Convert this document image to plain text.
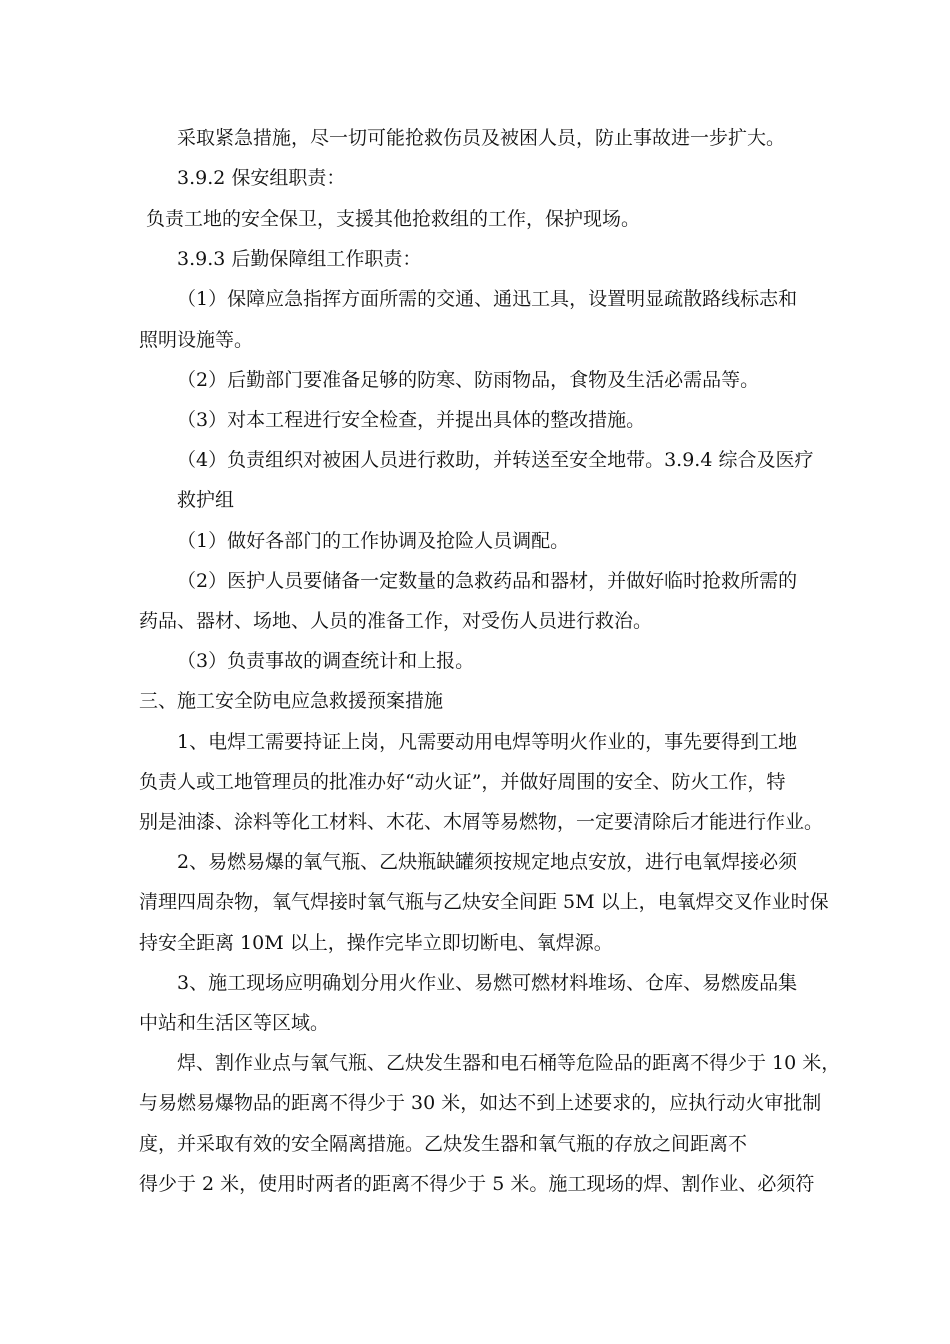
采取紧急措施，尽一切可能抢救伤员及被困人员，防止事故进一步扩大。
3.9.2 保安组职责：
负责工地的安全保卫，支援其他抢救组的工作，保护现场。
3.9.3 后勤保障组工作职责：
（1）保障应急指挥方面所需的交通、通迅工具，设置明显疏散路线标志和
照明设施等。
（2）后勤部门要准备足够的防寒、防雨物品，食物及生活必需品等。
（3）对本工程进行安全检查，并提出具体的整改措施。
（4）负责组织对被困人员进行救助，并转送至安全地带。3.9.4 综合及医疗
救护组
（1）做好各部门的工作协调及抢险人员调配。
（2）医护人员要储备一定数量的急救药品和器材，并做好临时抢救所需的
药品、器材、场地、人员的准备工作，对受伤人员进行救治。
（3）负责事故的调查统计和上报。
三、施工安全防电应急救援预案措施
1、电焊工需要持证上岗，凡需要动用电焊等明火作业的，事先要得到工地
负责人或工地管理员的批准办好“动火证”，并做好周围的安全、防火工作，特
别是油漆、涂料等化工材料、木花、木屑等易燃物，一定要清除后才能进行作业。
2、易燃易爆的氧气瓶、乙炔瓶缺罐须按规定地点安放，进行电氧焊接必须
清理四周杂物，氧气焊接时氧气瓶与乙炔安全间距 5M 以上，电氧焊交叉作业时保
持安全距离 10M 以上，操作完毕立即切断电、氧焊源。
3、施工现场应明确划分用火作业、易燃可燃材料堆场、仓库、易燃废品集
中站和生活区等区域。
焊、割作业点与氧气瓶、乙炔发生器和电石桶等危险品的距离不得少于 10 米，
与易燃易爆物品的距离不得少于 30 米，如达不到上述要求的，应执行动火审批制
度，并采取有效的安全隔离措施。乙炔发生器和氧气瓶的存放之间距离不
得少于 2 米，使用时两者的距离不得少于 5 米。施工现场的焊、割作业、必须符
